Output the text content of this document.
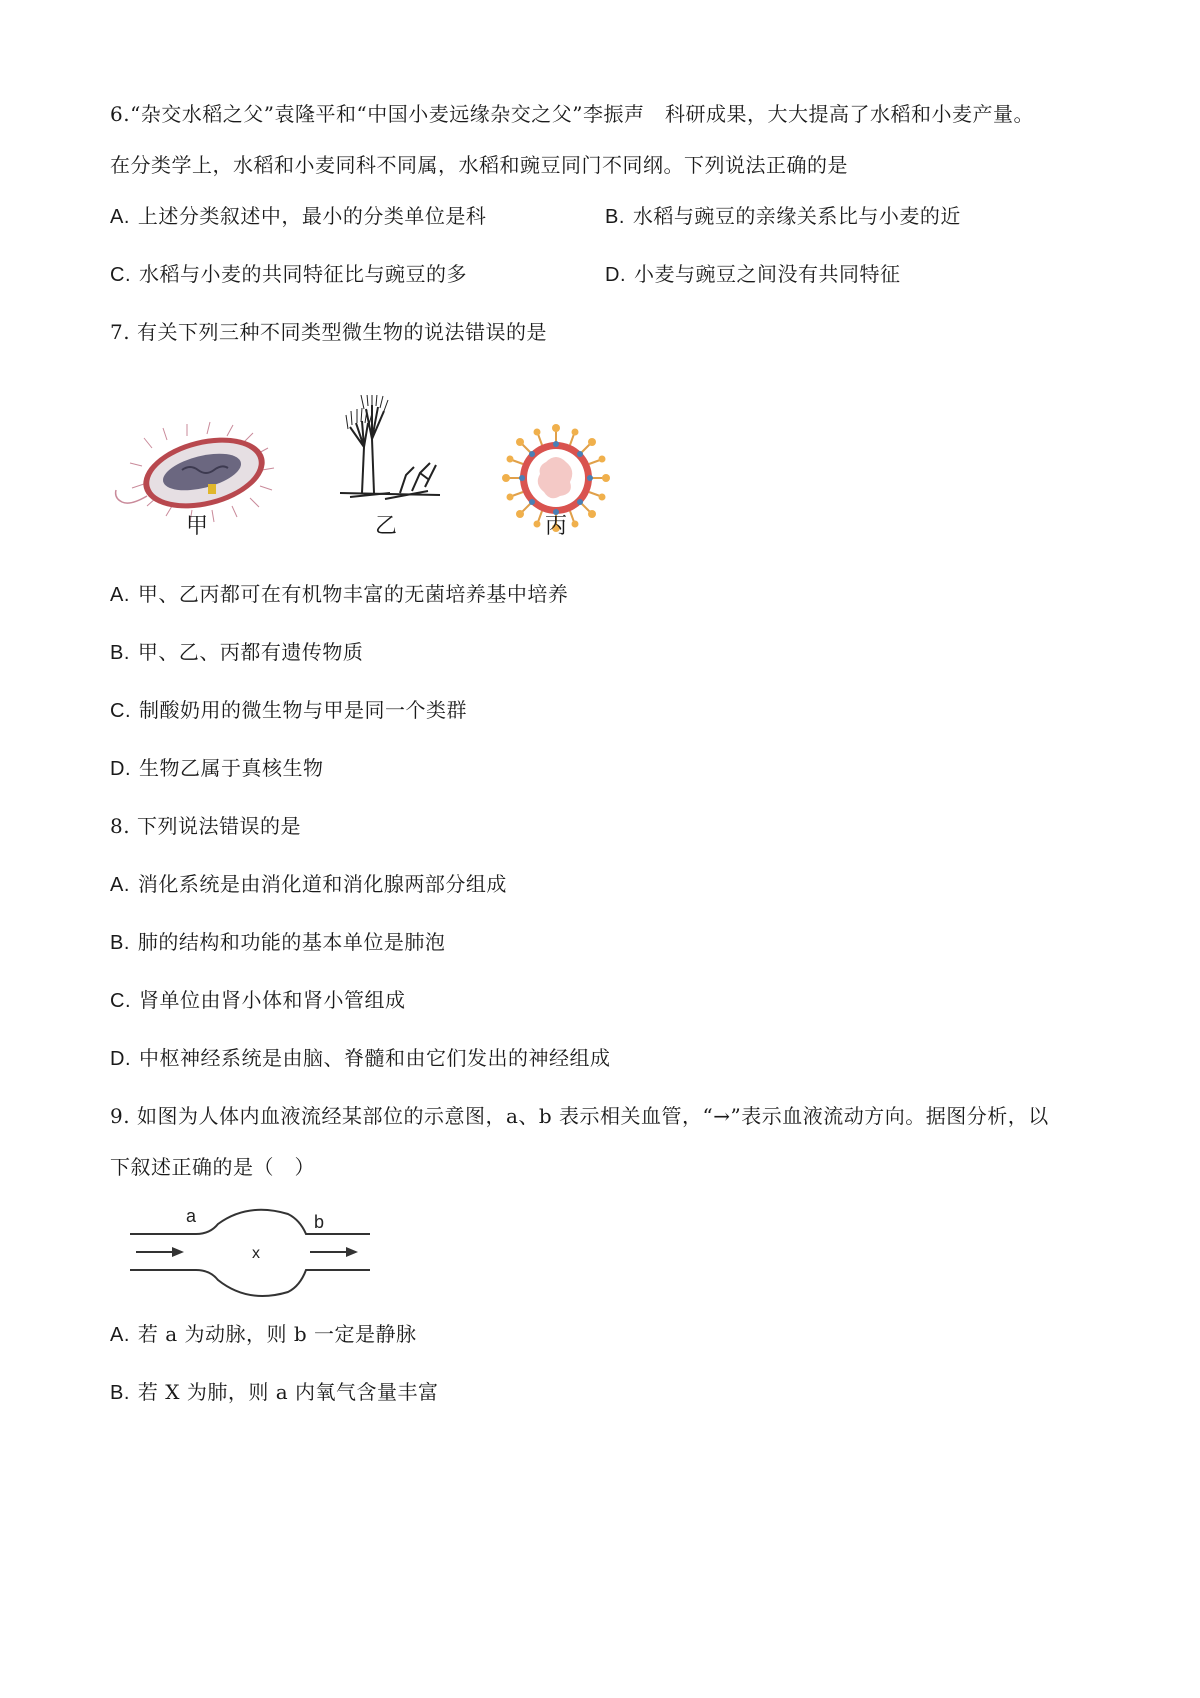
6.“杂交水稻之父”袁隆平和“中国小麦远缘杂交之父”李振声　科研成果，大大提高了水稻和小麦产量。
在分类学上，水稻和小麦同科不同属，水稻和豌豆同门不同纲。下列说法正确的是
A. 上述分类叙述中，最小的分类单位是科	B. 水稻与豌豆的亲缘关系比与小麦的近
C. 水稻与小麦的共同特征比与豌豆的多	D. 小麦与豌豆之间没有共同特征
7. 有关下列三种不同类型微生物的说法错误的是
甲	乙	丙
A. 甲、乙丙都可在有机物丰富的无菌培养基中培养
B. 甲、乙、丙都有遗传物质
C. 制酸奶用的微生物与甲是同一个类群
D. 生物乙属于真核生物
8. 下列说法错误的是
A. 消化系统是由消化道和消化腺两部分组成
B. 肺的结构和功能的基本单位是肺泡
C. 肾单位由肾小体和肾小管组成
D. 中枢神经系统是由脑、脊髓和由它们发出的神经组成
9. 如图为人体内血液流经某部位的示意图，a、b 表示相关血管，“→”表示血液流动方向。据图分析，以
下叙述正确的是（　）
a	b
x
A. 若 a 为动脉，则 b 一定是静脉
B. 若 X 为肺，则 a 内氧气含量丰富
